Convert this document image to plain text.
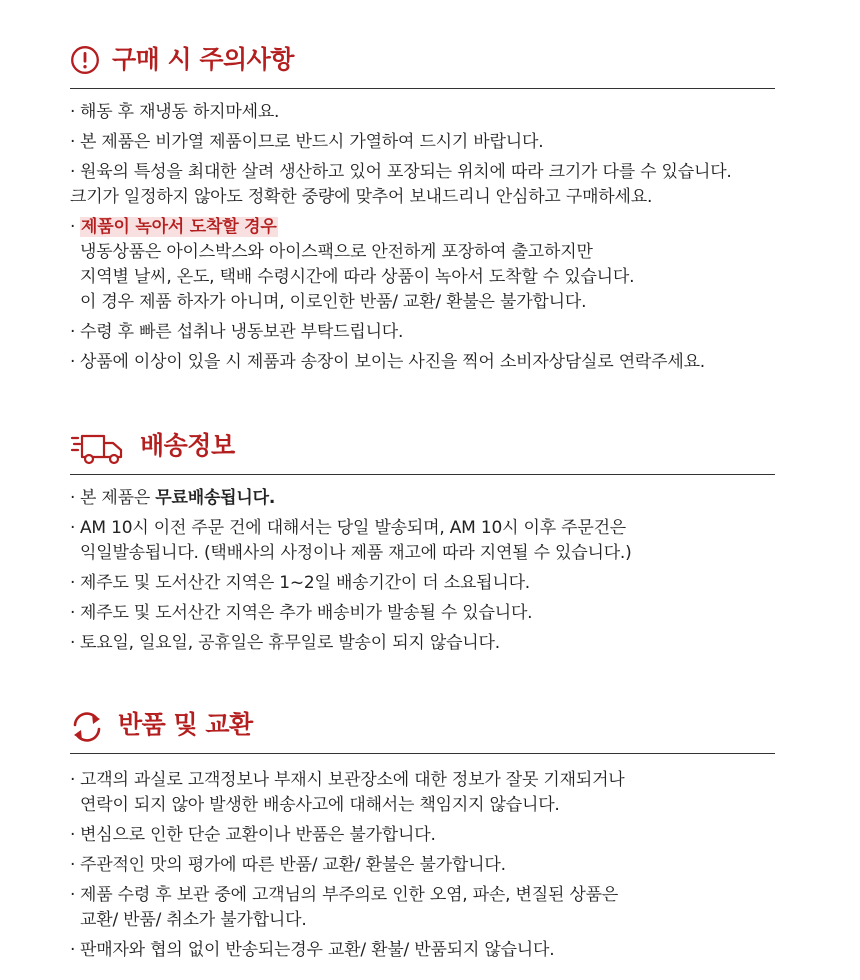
구매 시 주의사항
· 해동 후 재냉동 하지마세요.
· 본 제품은 비가열 제품이므로 반드시 가열하여 드시기 바랍니다.
· 원육의 특성을 최대한 살려 생산하고 있어 포장되는 위치에 따라 크기가 다를 수 있습니다.
크기가 일정하지 않아도 정확한 중량에 맞추어 보내드리니 안심하고 구매하세요.
· 제품이 녹아서 도착할 경우
냉동상품은 아이스박스와 아이스팩으로 안전하게 포장하여 출고하지만
지역별 날씨, 온도, 택배 수령시간에 따라 상품이 녹아서 도착할 수 있습니다.
이 경우 제품 하자가 아니며, 이로인한 반품/ 교환/ 환불은 불가합니다.
· 수령 후 빠른 섭취나 냉동보관 부탁드립니다.
· 상품에 이상이 있을 시 제품과 송장이 보이는 사진을 찍어 소비자상담실로 연락주세요.
배송정보
· 본 제품은 무료배송됩니다.
· AM 10시 이전 주문 건에 대해서는 당일 발송되며, AM 10시 이후 주문건은
익일발송됩니다. (택배사의 사정이나 제품 재고에 따라 지연될 수 있습니다.)
· 제주도 및 도서산간 지역은 1~2일 배송기간이 더 소요됩니다.
· 제주도 및 도서산간 지역은 추가 배송비가 발송될 수 있습니다.
· 토요일, 일요일, 공휴일은 휴무일로 발송이 되지 않습니다.
반품 및 교환
· 고객의 과실로 고객정보나 부재시 보관장소에 대한 정보가 잘못 기재되거나
연락이 되지 않아 발생한 배송사고에 대해서는 책임지지 않습니다.
· 변심으로 인한 단순 교환이나 반품은 불가합니다.
· 주관적인 맛의 평가에 따른 반품/ 교환/ 환불은 불가합니다.
· 제품 수령 후 보관 중에 고객님의 부주의로 인한 오염, 파손, 변질된 상품은
교환/ 반품/ 취소가 불가합니다.
· 판매자와 협의 없이 반송되는경우 교환/ 환불/ 반품되지 않습니다.
